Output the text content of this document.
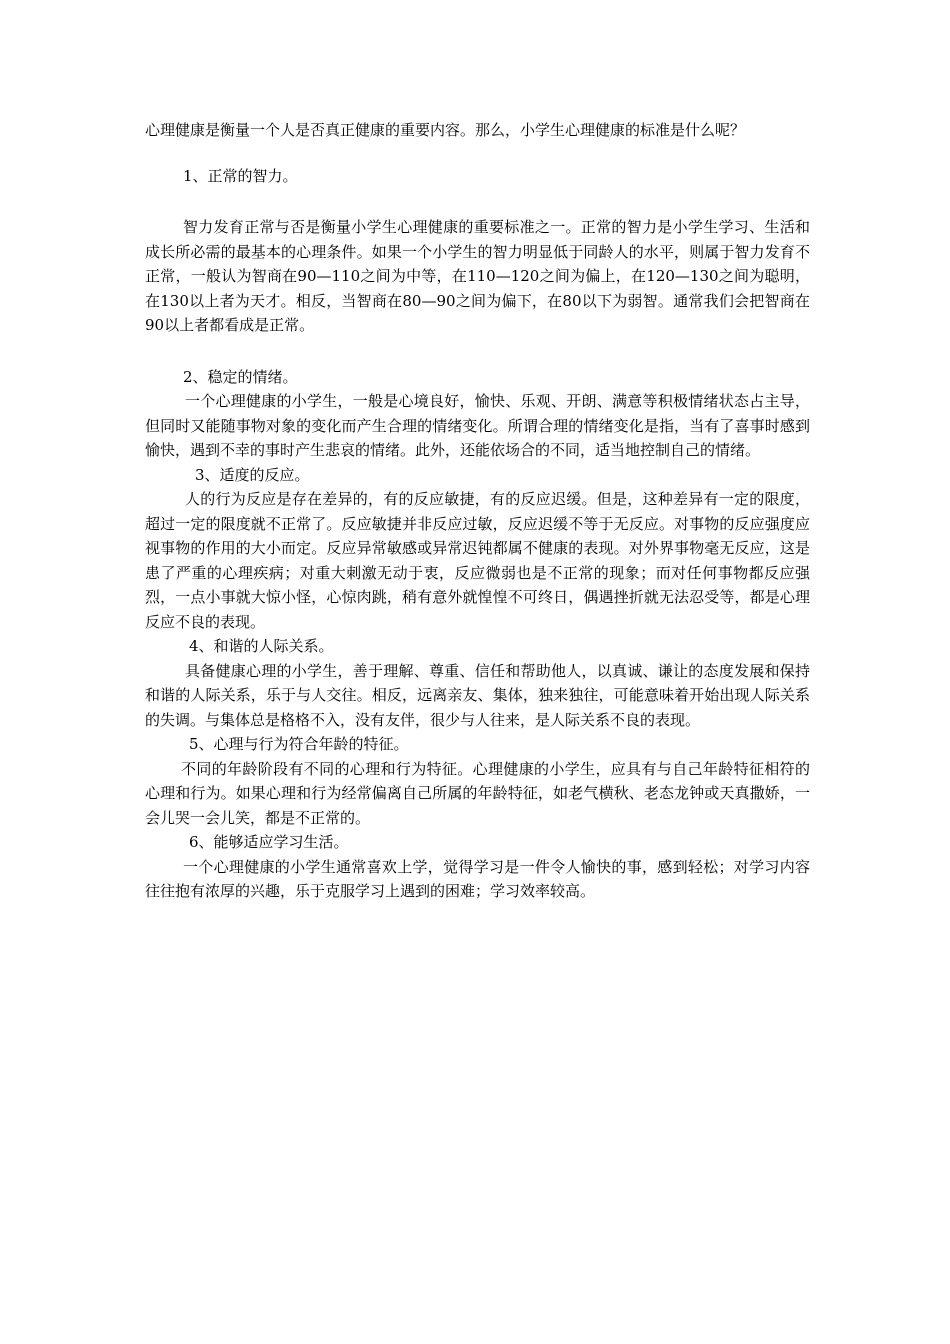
心理健康是衡量一个人是否真正健康的重要内容。那么，小学生心理健康的标准是什么呢？

1、正常的智力。

智力发育正常与否是衡量小学生心理健康的重要标准之一。正常的智力是小学生学习、生活和成长所必需的最基本的心理条件。如果一个小学生的智力明显低于同龄人的水平，则属于智力发育不正常，一般认为智商在90—110之间为中等，在110—120之间为偏上，在120—130之间为聪明，在130以上者为天才。相反，当智商在80—90之间为偏下，在80以下为弱智。通常我们会把智商在90以上者都看成是正常。

2、稳定的情绪。

一个心理健康的小学生，一般是心境良好，愉快、乐观、开朗、满意等积极情绪状态占主导，但同时又能随事物对象的变化而产生合理的情绪变化。所谓合理的情绪变化是指，当有了喜事时感到愉快，遇到不幸的事时产生悲哀的情绪。此外，还能依场合的不同，适当地控制自己的情绪。

3、适度的反应。

人的行为反应是存在差异的，有的反应敏捷，有的反应迟缓。但是，这种差异有一定的限度，超过一定的限度就不正常了。反应敏捷并非反应过敏，反应迟缓不等于无反应。对事物的反应强度应视事物的作用的大小而定。反应异常敏感或异常迟钝都属不健康的表现。对外界事物毫无反应，这是患了严重的心理疾病；对重大刺激无动于衷，反应微弱也是不正常的现象；而对任何事物都反应强烈，一点小事就大惊小怪，心惊肉跳，稍有意外就惶惶不可终日，偶遇挫折就无法忍受等，都是心理反应不良的表现。

4、和谐的人际关系。

具备健康心理的小学生，善于理解、尊重、信任和帮助他人，以真诚、谦让的态度发展和保持和谐的人际关系，乐于与人交往。相反，远离亲友、集体，独来独往，可能意味着开始出现人际关系的失调。与集体总是格格不入，没有友伴，很少与人往来，是人际关系不良的表现。

5、心理与行为符合年龄的特征。

不同的年龄阶段有不同的心理和行为特征。心理健康的小学生，应具有与自己年龄特征相符的心理和行为。如果心理和行为经常偏离自己所属的年龄特征，如老气横秋、老态龙钟或天真撒娇，一会儿哭一会儿笑，都是不正常的。

6、能够适应学习生活。

一个心理健康的小学生通常喜欢上学，觉得学习是一件令人愉快的事，感到轻松；对学习内容往往抱有浓厚的兴趣，乐于克服学习上遇到的困难；学习效率较高。
